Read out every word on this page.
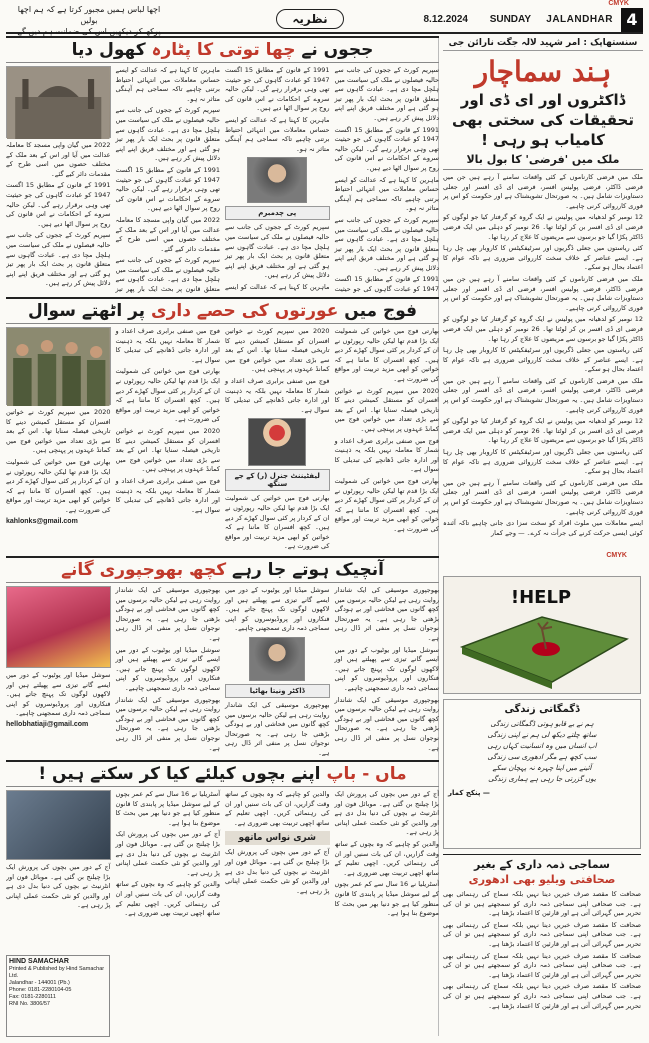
4
JALANDHAR
SUNDAY
8.12.2024
نظریہ
اچھا لباس ہمیں مجبور کرتا ہے کہ ہم اچھا بولیں
پرکھ کر دیکھیں اس کی ضمانت ہم دیں گے
CMYK
CMYK
سنستھاپک : امر شہید لالہ جگت نارائن جی
ہند سماچار
ڈاکٹروں اور ای ڈی اور تحقیقات کی سختی بھی کامیاب ہو رہی !
ملک میں 'فرضی' کا بول بالا

ملک میں فرضی کارناموں کے کئی واقعات سامنے آ رہے ہیں جن میں فرضی ڈاکٹر، فرضی پولیس افسر، فرضی ای ڈی افسر اور جعلی دستاویزات شامل ہیں۔ یہ صورتحال تشویشناک ہے اور حکومت کو اس پر فوری کارروائی کرنی چاہیے۔

12 نومبر کو لدھیانہ میں پولیس نے ایک گروہ کو گرفتار کیا جو لوگوں کو فرضی ای ڈی افسر بن کر لوٹتا تھا۔ 26 نومبر کو دہلی میں ایک فرضی ڈاکٹر پکڑا گیا جو برسوں سے مریضوں کا علاج کر رہا تھا۔

کئی ریاستوں میں جعلی ڈگریوں اور سرٹیفکیٹس کا کاروبار بھی چل رہا ہے۔ ایسے عناصر کے خلاف سخت کارروائی ضروری ہے تاکہ عوام کا اعتماد بحال ہو سکے۔

ملک میں فرضی کارناموں کے کئی واقعات سامنے آ رہے ہیں جن میں فرضی ڈاکٹر، فرضی پولیس افسر، فرضی ای ڈی افسر اور جعلی دستاویزات شامل ہیں۔ یہ صورتحال تشویشناک ہے اور حکومت کو اس پر فوری کارروائی کرنی چاہیے۔

12 نومبر کو لدھیانہ میں پولیس نے ایک گروہ کو گرفتار کیا جو لوگوں کو فرضی ای ڈی افسر بن کر لوٹتا تھا۔ 26 نومبر کو دہلی میں ایک فرضی ڈاکٹر پکڑا گیا جو برسوں سے مریضوں کا علاج کر رہا تھا۔

کئی ریاستوں میں جعلی ڈگریوں اور سرٹیفکیٹس کا کاروبار بھی چل رہا ہے۔ ایسے عناصر کے خلاف سخت کارروائی ضروری ہے تاکہ عوام کا اعتماد بحال ہو سکے۔

ملک میں فرضی کارناموں کے کئی واقعات سامنے آ رہے ہیں جن میں فرضی ڈاکٹر، فرضی پولیس افسر، فرضی ای ڈی افسر اور جعلی دستاویزات شامل ہیں۔ یہ صورتحال تشویشناک ہے اور حکومت کو اس پر فوری کارروائی کرنی چاہیے۔

12 نومبر کو لدھیانہ میں پولیس نے ایک گروہ کو گرفتار کیا جو لوگوں کو فرضی ای ڈی افسر بن کر لوٹتا تھا۔ 26 نومبر کو دہلی میں ایک فرضی ڈاکٹر پکڑا گیا جو برسوں سے مریضوں کا علاج کر رہا تھا۔

کئی ریاستوں میں جعلی ڈگریوں اور سرٹیفکیٹس کا کاروبار بھی چل رہا ہے۔ ایسے عناصر کے خلاف سخت کارروائی ضروری ہے تاکہ عوام کا اعتماد بحال ہو سکے۔

ملک میں فرضی کارناموں کے کئی واقعات سامنے آ رہے ہیں جن میں فرضی ڈاکٹر، فرضی پولیس افسر، فرضی ای ڈی افسر اور جعلی دستاویزات شامل ہیں۔ یہ صورتحال تشویشناک ہے اور حکومت کو اس پر فوری کارروائی کرنی چاہیے۔

ایسے معاملات میں ملوث افراد کو سخت سزا دی جانی چاہیے تاکہ آئندہ کوئی ایسی حرکت کرنے کی جرأت نہ کرے۔ — وجے کمار

HELP!
ڈگمگاتی زندگی
ہم نے بے قابو ہوتی ڈگمگاتی زندگی
ساتھ چلتے دیکھ لی ہم نے اپنی زندگی
اب انساں میں وہ انسانیت کہاں رہی
سب کچھ ہے مگر ادھوری سی زندگی
آئینے میں اپنا چہرہ نہ پہچان سکے
یوں گزرتی جا رہی ہے ہماری زندگی
— پنکج کمار
سماجی ذمہ داری کے بغیر
صحافتی ویلیو بھی ادھوری

صحافت کا مقصد صرف خبریں دینا نہیں بلکہ سماج کی رہنمائی بھی ہے۔ جب صحافی اپنی سماجی ذمہ داری کو سمجھتے ہیں تو ان کی تحریر میں گہرائی آتی ہے اور قارئین کا اعتماد بڑھتا ہے۔

صحافت کا مقصد صرف خبریں دینا نہیں بلکہ سماج کی رہنمائی بھی ہے۔ جب صحافی اپنی سماجی ذمہ داری کو سمجھتے ہیں تو ان کی تحریر میں گہرائی آتی ہے اور قارئین کا اعتماد بڑھتا ہے۔

صحافت کا مقصد صرف خبریں دینا نہیں بلکہ سماج کی رہنمائی بھی ہے۔ جب صحافی اپنی سماجی ذمہ داری کو سمجھتے ہیں تو ان کی تحریر میں گہرائی آتی ہے اور قارئین کا اعتماد بڑھتا ہے۔

صحافت کا مقصد صرف خبریں دینا نہیں بلکہ سماج کی رہنمائی بھی ہے۔ جب صحافی اپنی سماجی ذمہ داری کو سمجھتے ہیں تو ان کی تحریر میں گہرائی آتی ہے اور قارئین کا اعتماد بڑھتا ہے۔

ججوں نے چھا توتی کا پٹارہ کھول دیا

سپریم کورٹ کے ججوں کی جانب سے حالیہ فیصلوں نے ملک کی سیاست میں ہلچل مچا دی ہے۔ عبادت گاہوں سے متعلق قانون پر بحث ایک بار پھر تیز ہو گئی ہے اور مختلف فریق اپنے اپنے دلائل پیش کر رہے ہیں۔

1991 کے قانون کے مطابق 15 اگست 1947 کو عبادت گاہوں کی جو حیثیت تھی وہی برقرار رہے گی۔ لیکن حالیہ سروے کے احکامات نے اس قانون کی روح پر سوال اٹھا دیے ہیں۔

ماہرین کا کہنا ہے کہ عدالت کو ایسے حساس معاملات میں انتہائی احتیاط برتنی چاہیے تاکہ سماجی ہم آہنگی متاثر نہ ہو۔

سپریم کورٹ کے ججوں کی جانب سے حالیہ فیصلوں نے ملک کی سیاست میں ہلچل مچا دی ہے۔ عبادت گاہوں سے متعلق قانون پر بحث ایک بار پھر تیز ہو گئی ہے اور مختلف فریق اپنے اپنے دلائل پیش کر رہے ہیں۔

1991 کے قانون کے مطابق 15 اگست 1947 کو عبادت گاہوں کی جو حیثیت

1991 کے قانون کے مطابق 15 اگست 1947 کو عبادت گاہوں کی جو حیثیت تھی وہی برقرار رہے گی۔ لیکن حالیہ سروے کے احکامات نے اس قانون کی روح پر سوال اٹھا دیے ہیں۔

ماہرین کا کہنا ہے کہ عدالت کو ایسے حساس معاملات میں انتہائی احتیاط برتنی چاہیے تاکہ سماجی ہم آہنگی متاثر نہ ہو۔

پی چدمبرم

سپریم کورٹ کے ججوں کی جانب سے حالیہ فیصلوں نے ملک کی سیاست میں ہلچل مچا دی ہے۔ عبادت گاہوں سے متعلق قانون پر بحث ایک بار پھر تیز ہو گئی ہے اور مختلف فریق اپنے اپنے دلائل پیش کر رہے ہیں۔

ماہرین کا کہنا ہے کہ عدالت کو ایسے

ماہرین کا کہنا ہے کہ عدالت کو ایسے حساس معاملات میں انتہائی احتیاط برتنی چاہیے تاکہ سماجی ہم آہنگی متاثر نہ ہو۔

سپریم کورٹ کے ججوں کی جانب سے حالیہ فیصلوں نے ملک کی سیاست میں ہلچل مچا دی ہے۔ عبادت گاہوں سے متعلق قانون پر بحث ایک بار پھر تیز ہو گئی ہے اور مختلف فریق اپنے اپنے دلائل پیش کر رہے ہیں۔

1991 کے قانون کے مطابق 15 اگست 1947 کو عبادت گاہوں کی جو حیثیت تھی وہی برقرار رہے گی۔ لیکن حالیہ سروے کے احکامات نے اس قانون کی روح پر سوال اٹھا دیے ہیں۔

2022 میں گیان واپی مسجد کا معاملہ عدالت میں آیا اور اس کے بعد ملک کے مختلف حصوں میں اسی طرح کے مقدمات دائر کیے گئے۔

سپریم کورٹ کے ججوں کی جانب سے حالیہ فیصلوں نے ملک کی سیاست میں ہلچل مچا دی ہے۔ عبادت گاہوں سے متعلق قانون پر بحث ایک بار پھر تیز

2022 میں گیان واپی مسجد کا معاملہ عدالت میں آیا اور اس کے بعد ملک کے مختلف حصوں میں اسی طرح کے مقدمات دائر کیے گئے۔

1991 کے قانون کے مطابق 15 اگست 1947 کو عبادت گاہوں کی جو حیثیت تھی وہی برقرار رہے گی۔ لیکن حالیہ سروے کے احکامات نے اس قانون کی روح پر سوال اٹھا دیے ہیں۔

سپریم کورٹ کے ججوں کی جانب سے حالیہ فیصلوں نے ملک کی سیاست میں ہلچل مچا دی ہے۔ عبادت گاہوں سے متعلق قانون پر بحث ایک بار پھر تیز ہو گئی ہے اور مختلف فریق اپنے اپنے دلائل پیش کر رہے ہیں۔

فوج میں عورتوں کی حصے داری پر اٹھتے سوال

بھارتی فوج میں خواتین کی شمولیت ایک بڑا قدم تھا لیکن حالیہ رپورٹوں نے ان کے کردار پر کئی سوال کھڑے کر دیے ہیں۔ کچھ افسران کا ماننا ہے کہ خواتین کو ابھی مزید تربیت اور مواقع کی ضرورت ہے۔

2020 میں سپریم کورٹ نے خواتین افسران کو مستقل کمیشن دینے کا تاریخی فیصلہ سنایا تھا۔ اس کے بعد سے بڑی تعداد میں خواتین فوج میں کمانڈ عہدوں پر پہنچی ہیں۔

فوج میں صنفی برابری صرف اعداد و شمار کا معاملہ نہیں بلکہ یہ ذہنیت اور ادارہ جاتی ڈھانچے کی تبدیلی کا سوال ہے۔

بھارتی فوج میں خواتین کی شمولیت ایک بڑا قدم تھا لیکن حالیہ رپورٹوں نے ان کے کردار پر کئی سوال کھڑے کر دیے ہیں۔ کچھ افسران کا ماننا ہے کہ خواتین کو ابھی مزید تربیت اور مواقع کی ضرورت ہے۔

2020 میں سپریم کورٹ نے خواتین افسران کو مستقل کمیشن دینے کا تاریخی فیصلہ سنایا تھا۔ اس کے بعد سے بڑی تعداد میں خواتین فوج میں کمانڈ عہدوں پر پہنچی ہیں۔

فوج میں صنفی برابری صرف اعداد و شمار کا معاملہ نہیں بلکہ یہ ذہنیت اور ادارہ جاتی ڈھانچے کی تبدیلی کا سوال ہے۔

لیفٹیننٹ جنرل (ر) کے جے سنگھ

بھارتی فوج میں خواتین کی شمولیت ایک بڑا قدم تھا لیکن حالیہ رپورٹوں نے ان کے کردار پر کئی سوال کھڑے کر دیے ہیں۔ کچھ افسران کا ماننا ہے کہ خواتین کو ابھی مزید تربیت اور مواقع کی ضرورت ہے۔

فوج میں صنفی برابری صرف اعداد و شمار کا معاملہ نہیں بلکہ یہ ذہنیت اور ادارہ جاتی ڈھانچے کی تبدیلی کا سوال ہے۔

بھارتی فوج میں خواتین کی شمولیت ایک بڑا قدم تھا لیکن حالیہ رپورٹوں نے ان کے کردار پر کئی سوال کھڑے کر دیے ہیں۔ کچھ افسران کا ماننا ہے کہ خواتین کو ابھی مزید تربیت اور مواقع کی ضرورت ہے۔

2020 میں سپریم کورٹ نے خواتین افسران کو مستقل کمیشن دینے کا تاریخی فیصلہ سنایا تھا۔ اس کے بعد سے بڑی تعداد میں خواتین فوج میں کمانڈ عہدوں پر پہنچی ہیں۔

فوج میں صنفی برابری صرف اعداد و شمار کا معاملہ نہیں بلکہ یہ ذہنیت اور ادارہ جاتی ڈھانچے کی تبدیلی کا سوال ہے۔

2020 میں سپریم کورٹ نے خواتین افسران کو مستقل کمیشن دینے کا تاریخی فیصلہ سنایا تھا۔ اس کے بعد سے بڑی تعداد میں خواتین فوج میں کمانڈ عہدوں پر پہنچی ہیں۔

بھارتی فوج میں خواتین کی شمولیت ایک بڑا قدم تھا لیکن حالیہ رپورٹوں نے ان کے کردار پر کئی سوال کھڑے کر دیے ہیں۔ کچھ افسران کا ماننا ہے کہ خواتین کو ابھی مزید تربیت اور مواقع کی ضرورت ہے۔

kahlonks@gmail.com
آنچیک ہوتے جا رہے کچھ بھوجپوری گانے

بھوجپوری موسیقی کی ایک شاندار روایت رہی ہے لیکن حالیہ برسوں میں کچھ گانوں میں فحاشی اور بے ہودگی بڑھتی جا رہی ہے۔ یہ صورتحال نوجوان نسل پر منفی اثر ڈال رہی ہے۔

سوشل میڈیا اور یوٹیوب کے دور میں ایسے گانے تیزی سے پھیلتے ہیں اور لاکھوں لوگوں تک پہنچ جاتے ہیں۔ فنکاروں اور پروڈیوسروں کو اپنی سماجی ذمہ داری سمجھنی چاہیے۔

بھوجپوری موسیقی کی ایک شاندار روایت رہی ہے لیکن حالیہ برسوں میں کچھ گانوں میں فحاشی اور بے ہودگی بڑھتی جا رہی ہے۔ یہ صورتحال نوجوان نسل پر منفی اثر ڈال رہی ہے۔

سوشل میڈیا اور یوٹیوب کے دور میں ایسے گانے تیزی سے پھیلتے ہیں اور لاکھوں لوگوں تک پہنچ جاتے ہیں۔ فنکاروں اور پروڈیوسروں کو اپنی سماجی ذمہ داری سمجھنی چاہیے۔

ڈاکٹر ونیتا بھاٹیا

بھوجپوری موسیقی کی ایک شاندار روایت رہی ہے لیکن حالیہ برسوں میں کچھ گانوں میں فحاشی اور بے ہودگی بڑھتی جا رہی ہے۔ یہ صورتحال نوجوان نسل پر منفی اثر ڈال رہی ہے۔

بھوجپوری موسیقی کی ایک شاندار روایت رہی ہے لیکن حالیہ برسوں میں کچھ گانوں میں فحاشی اور بے ہودگی بڑھتی جا رہی ہے۔ یہ صورتحال نوجوان نسل پر منفی اثر ڈال رہی ہے۔

سوشل میڈیا اور یوٹیوب کے دور میں ایسے گانے تیزی سے پھیلتے ہیں اور لاکھوں لوگوں تک پہنچ جاتے ہیں۔ فنکاروں اور پروڈیوسروں کو اپنی سماجی ذمہ داری سمجھنی چاہیے۔

بھوجپوری موسیقی کی ایک شاندار روایت رہی ہے لیکن حالیہ برسوں میں کچھ گانوں میں فحاشی اور بے ہودگی بڑھتی جا رہی ہے۔ یہ صورتحال نوجوان نسل پر منفی اثر ڈال رہی ہے۔

سوشل میڈیا اور یوٹیوب کے دور میں ایسے گانے تیزی سے پھیلتے ہیں اور لاکھوں لوگوں تک پہنچ جاتے ہیں۔ فنکاروں اور پروڈیوسروں کو اپنی سماجی ذمہ داری سمجھنی چاہیے۔

hellobhatiaji@gmail.com
ماں - باپ اپنے بچوں کیلئے کیا کر سکتے ہیں !

آج کے دور میں بچوں کی پرورش ایک بڑا چیلنج بن گئی ہے۔ موبائل فون اور انٹرنیٹ نے بچوں کی دنیا بدل دی ہے اور والدین کو نئی حکمت عملی اپنانی پڑ رہی ہے۔

والدین کو چاہیے کہ وہ بچوں کے ساتھ وقت گزاریں، ان کی بات سنیں اور ان کی رہنمائی کریں۔ اچھی تعلیم کے ساتھ اچھی تربیت بھی ضروری ہے۔

آسٹریلیا نے 16 سال سے کم عمر بچوں کے لیے سوشل میڈیا پر پابندی کا قانون منظور کیا ہے جو دنیا بھر میں بحث کا موضوع بنا ہوا ہے۔

والدین کو چاہیے کہ وہ بچوں کے ساتھ وقت گزاریں، ان کی بات سنیں اور ان کی رہنمائی کریں۔ اچھی تعلیم کے ساتھ اچھی تربیت بھی ضروری ہے۔

شری نواس ماتھو

آج کے دور میں بچوں کی پرورش ایک بڑا چیلنج بن گئی ہے۔ موبائل فون اور انٹرنیٹ نے بچوں کی دنیا بدل دی ہے اور والدین کو نئی حکمت عملی اپنانی پڑ رہی ہے۔

آسٹریلیا نے 16 سال سے کم عمر بچوں کے لیے سوشل میڈیا پر پابندی کا قانون منظور کیا ہے جو دنیا بھر میں بحث کا موضوع بنا ہوا ہے۔

آج کے دور میں بچوں کی پرورش ایک بڑا چیلنج بن گئی ہے۔ موبائل فون اور انٹرنیٹ نے بچوں کی دنیا بدل دی ہے اور والدین کو نئی حکمت عملی اپنانی پڑ رہی ہے۔

والدین کو چاہیے کہ وہ بچوں کے ساتھ وقت گزاریں، ان کی بات سنیں اور ان کی رہنمائی کریں۔ اچھی تعلیم کے ساتھ اچھی تربیت بھی ضروری ہے۔

آج کے دور میں بچوں کی پرورش ایک بڑا چیلنج بن گئی ہے۔ موبائل فون اور انٹرنیٹ نے بچوں کی دنیا بدل دی ہے اور والدین کو نئی حکمت عملی اپنانی پڑ رہی ہے۔

HIND SAMACHAR
Printed & Published by Hind Samachar Ltd.
Jalandhar - 144001 (Pb.)
Phone: 0181-2280104-05
Fax: 0181-2280111
RNI No. 3806/57
